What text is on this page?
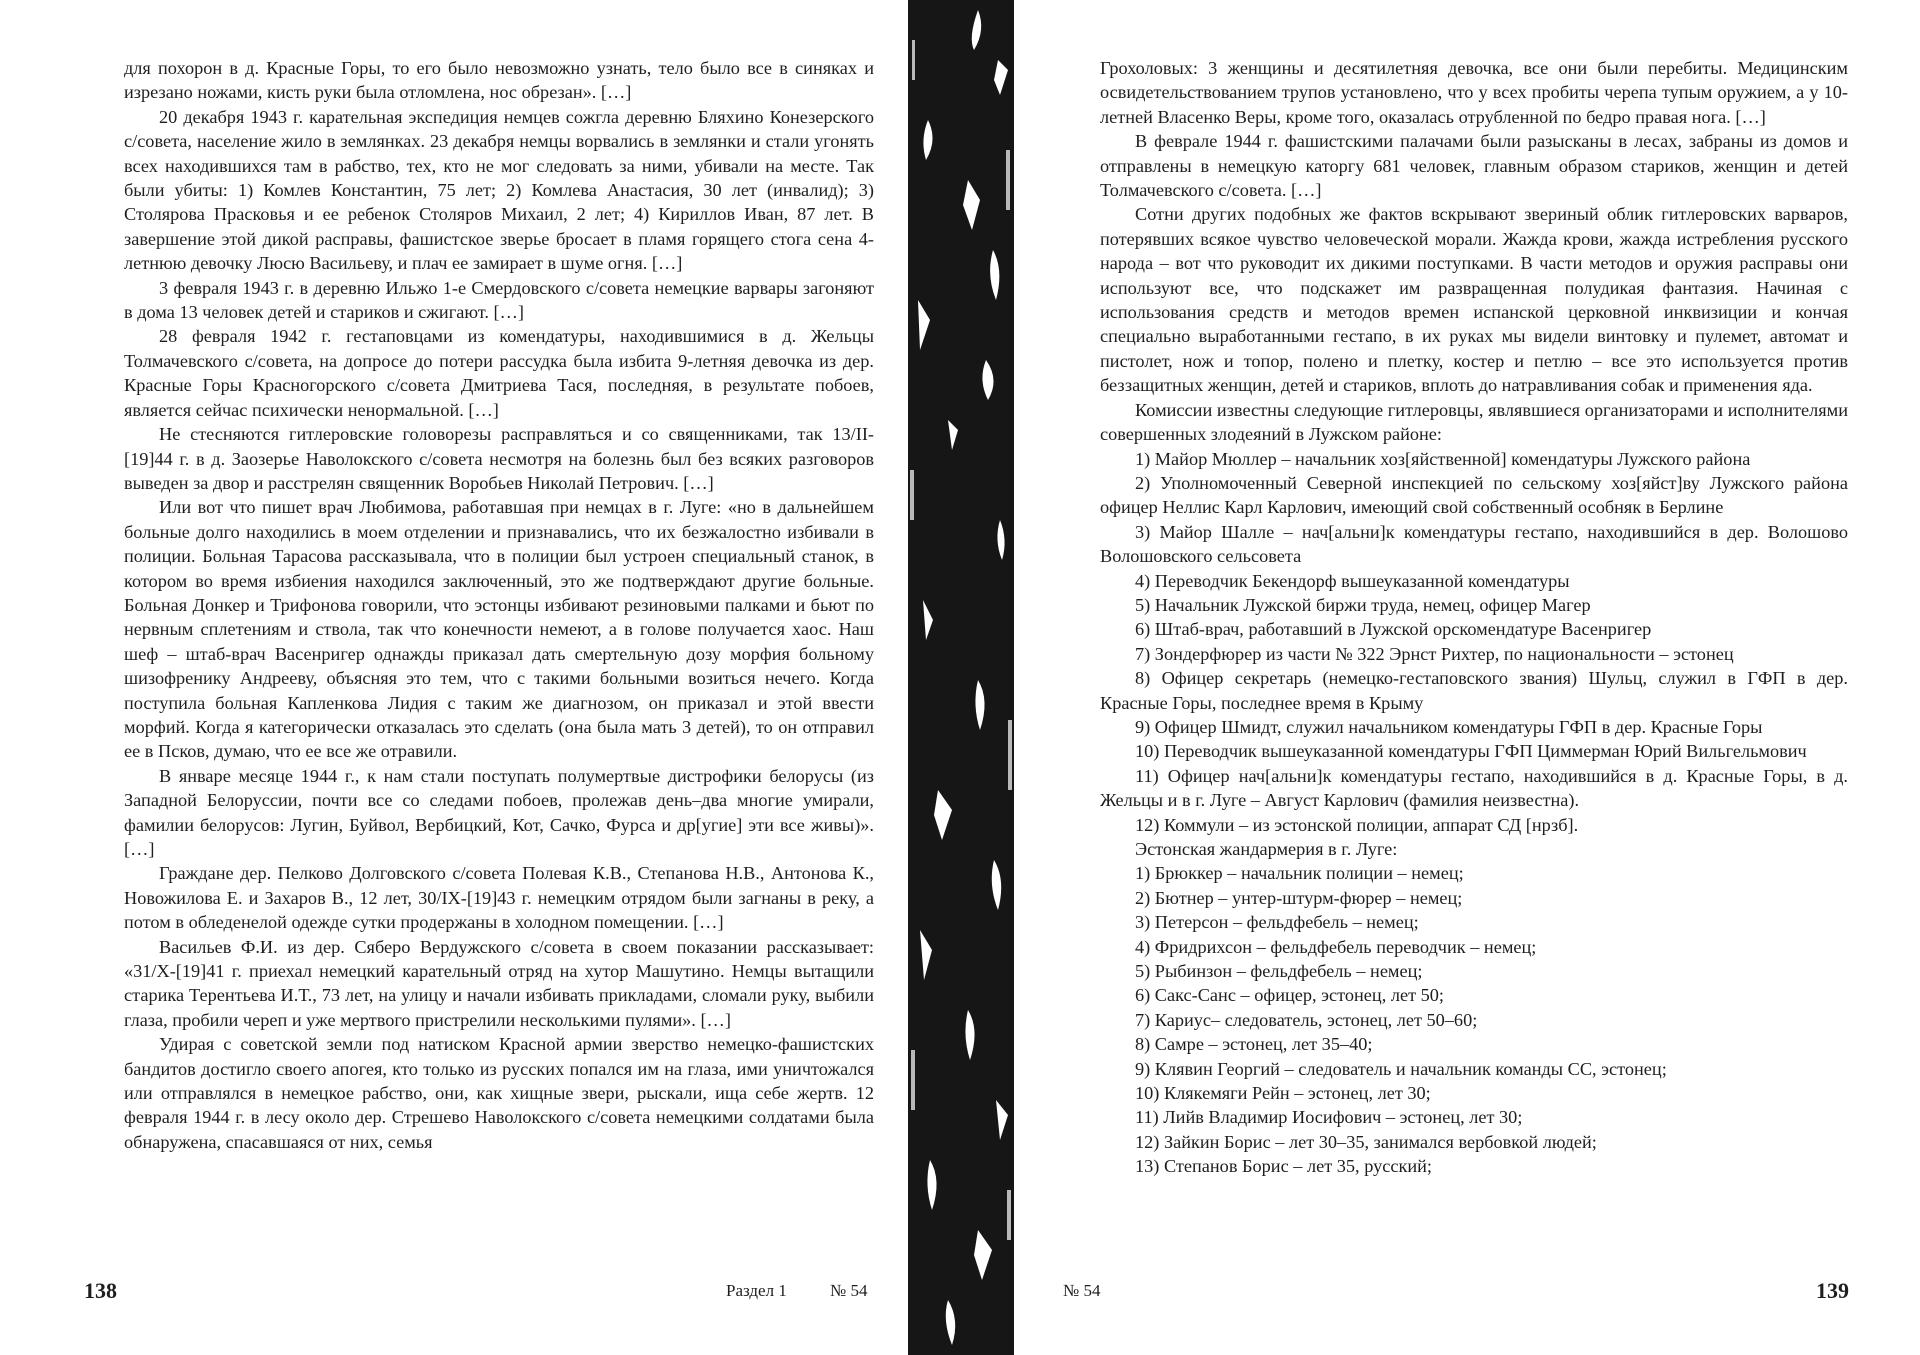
для похорон в д. Красные Горы, то его было невозможно узнать, тело было все в синяках и изрезано ножами, кисть руки была отломлена, нос обрезан». […]

20 декабря 1943 г. карательная экспедиция немцев сожгла деревню Бляхино Конезерского с/совета, население жило в землянках. 23 декабря немцы ворвались в землянки и стали угонять всех находившихся там в рабство, тех, кто не мог следовать за ними, убивали на месте. Так были убиты: 1) Комлев Константин, 75 лет; 2) Комлева Анастасия, 30 лет (инвалид); 3) Столярова Прасковья и ее ребенок Столяров Михаил, 2 лет; 4) Кириллов Иван, 87 лет. В завершение этой дикой расправы, фашистское зверье бросает в пламя горящего стога сена 4-летнюю девочку Люсю Васильеву, и плач ее замирает в шуме огня. […]

3 февраля 1943 г. в деревню Ильжо 1-е Смердовского с/совета немецкие варвары загоняют в дома 13 человек детей и стариков и сжигают. […]

28 февраля 1942 г. гестаповцами из комендатуры, находившимися в д. Жельцы Толмачевского с/совета, на допросе до потери рассудка была избита 9-летняя девочка из дер. Красные Горы Красногорского с/совета Дмитриева Тася, последняя, в результате побоев, является сейчас психически ненормальной. […]

Не стесняются гитлеровские головорезы расправляться и со священниками, так 13/II-[19]44 г. в д. Заозерье Наволокского с/совета несмотря на болезнь был без всяких разговоров выведен за двор и расстрелян священник Воробьев Николай Петрович. […]

Или вот что пишет врач Любимова, работавшая при немцах в г. Луге: «но в дальнейшем больные долго находились в моем отделении и признавались, что их безжалостно избивали в полиции. Больная Тарасова рассказывала, что в полиции был устроен специальный станок, в котором во время избиения находился заключенный, это же подтверждают другие больные. Больная Донкер и Трифонова говорили, что эстонцы избивают резиновыми палками и бьют по нервным сплетениям и ствола, так что конечности немеют, а в голове получается хаос. Наш шеф – штаб-врач Васенригер однажды приказал дать смертельную дозу морфия больному шизофренику Андрееву, объясняя это тем, что с такими больными возиться нечего. Когда поступила больная Капленкова Лидия с таким же диагнозом, он приказал и этой ввести морфий. Когда я категорически отказалась это сделать (она была мать 3 детей), то он отправил ее в Псков, думаю, что ее все же отравили.

В январе месяце 1944 г., к нам стали поступать полумертвые дистрофики белорусы (из Западной Белоруссии, почти все со следами побоев, пролежав день–два многие умирали, фамилии белорусов: Лугин, Буйвол, Вербицкий, Кот, Сачко, Фурса и др[угие] эти все живы)». […]

Граждане дер. Пелково Долговского с/совета Полевая К.В., Степанова Н.В., Антонова К., Новожилова Е. и Захаров В., 12 лет, 30/IX-[19]43 г. немецким отрядом были загнаны в реку, а потом в обледенелой одежде сутки продержаны в холодном помещении. […]

Васильев Ф.И. из дер. Сяберо Вердужского с/совета в своем показании рассказывает: «31/X-[19]41 г. приехал немецкий карательный отряд на хутор Машутино. Немцы вытащили старика Терентьева И.Т., 73 лет, на улицу и начали избивать прикладами, сломали руку, выбили глаза, пробили череп и уже мертвого пристрелили несколькими пулями». […]

Удирая с советской земли под натиском Красной армии зверство немецко-фашистских бандитов достигло своего апогея, кто только из русских попался им на глаза, ими уничтожался или отправлялся в немецкое рабство, они, как хищные звери, рыскали, ища себе жертв. 12 февраля 1944 г. в лесу около дер. Стрешево Наволокского с/совета немецкими солдатами была обнаружена, спасавшаяся от них, семья

138	Раздел 1	№ 54

Грохоловых: 3 женщины и десятилетняя девочка, все они были перебиты. Медицинским освидетельствованием трупов установлено, что у всех пробиты черепа тупым оружием, а у 10-летней Власенко Веры, кроме того, оказалась отрубленной по бедро правая нога. […]

В феврале 1944 г. фашистскими палачами были разысканы в лесах, забраны из домов и отправлены в немецкую каторгу 681 человек, главным образом стариков, женщин и детей Толмачевского с/совета. […]

Сотни других подобных же фактов вскрывают звериный облик гитлеровских варваров, потерявших всякое чувство человеческой морали. Жажда крови, жажда истребления русского народа – вот что руководит их дикими поступками. В части методов и оружия расправы они используют все, что подскажет им развращенная полудикая фантазия. Начиная с использования средств и методов времен испанской церковной инквизиции и кончая специально выработанными гестапо, в их руках мы видели винтовку и пулемет, автомат и пистолет, нож и топор, полено и плетку, костер и петлю – все это используется против беззащитных женщин, детей и стариков, вплоть до натравливания собак и применения яда.

Комиссии известны следующие гитлеровцы, являвшиеся организаторами и исполнителями совершенных злодеяний в Лужском районе:

1) Майор Мюллер – начальник хоз[яйственной] комендатуры Лужского района

2) Уполномоченный Северной инспекцией по сельскому хоз[яйст]ву Лужского района офицер Неллис Карл Карлович, имеющий свой собственный особняк в Берлине

3) Майор Шалле – нач[альни]к комендатуры гестапо, находившийся в дер. Волошово Волошовского сельсовета

4) Переводчик Бекендорф вышеуказанной комендатуры

5) Начальник Лужской биржи труда, немец, офицер Магер

6) Штаб-врач, работавший в Лужской орскомендатуре Васенригер

7) Зондерфюрер из части № 322 Эрнст Рихтер, по национальности – эстонец

8) Офицер секретарь (немецко-гестаповского звания) Шульц, служил в ГФП в дер. Красные Горы, последнее время в Крыму

9) Офицер Шмидт, служил начальником комендатуры ГФП в дер. Красные Горы

10) Переводчик вышеуказанной комендатуры ГФП Циммерман Юрий Вильгельмович

11) Офицер нач[альни]к комендатуры гестапо, находившийся в д. Красные Горы, в д. Жельцы и в г. Луге – Август Карлович (фамилия неизвестна).

12) Коммули – из эстонской полиции, аппарат СД [нрзб].

Эстонская жандармерия в г. Луге:

1) Брюккер – начальник полиции – немец;

2) Бютнер – унтер-штурм-фюрер – немец;

3) Петерсон – фельдфебель – немец;

4) Фридрихсон – фельдфебель переводчик – немец;

5) Рыбинзон – фельдфебель – немец;

6) Сакс-Санс – офицер, эстонец, лет 50;

7) Кариус– следователь, эстонец, лет 50–60;

8) Самре – эстонец, лет 35–40;

9) Клявин Георгий – следователь и начальник команды СС, эстонец;

10) Клякемяги Рейн – эстонец, лет 30;

11) Лийв Владимир Иосифович – эстонец, лет 30;

12) Зайкин Борис – лет 30–35, занимался вербовкой людей;

13) Степанов Борис – лет 35, русский;

№ 54	139
